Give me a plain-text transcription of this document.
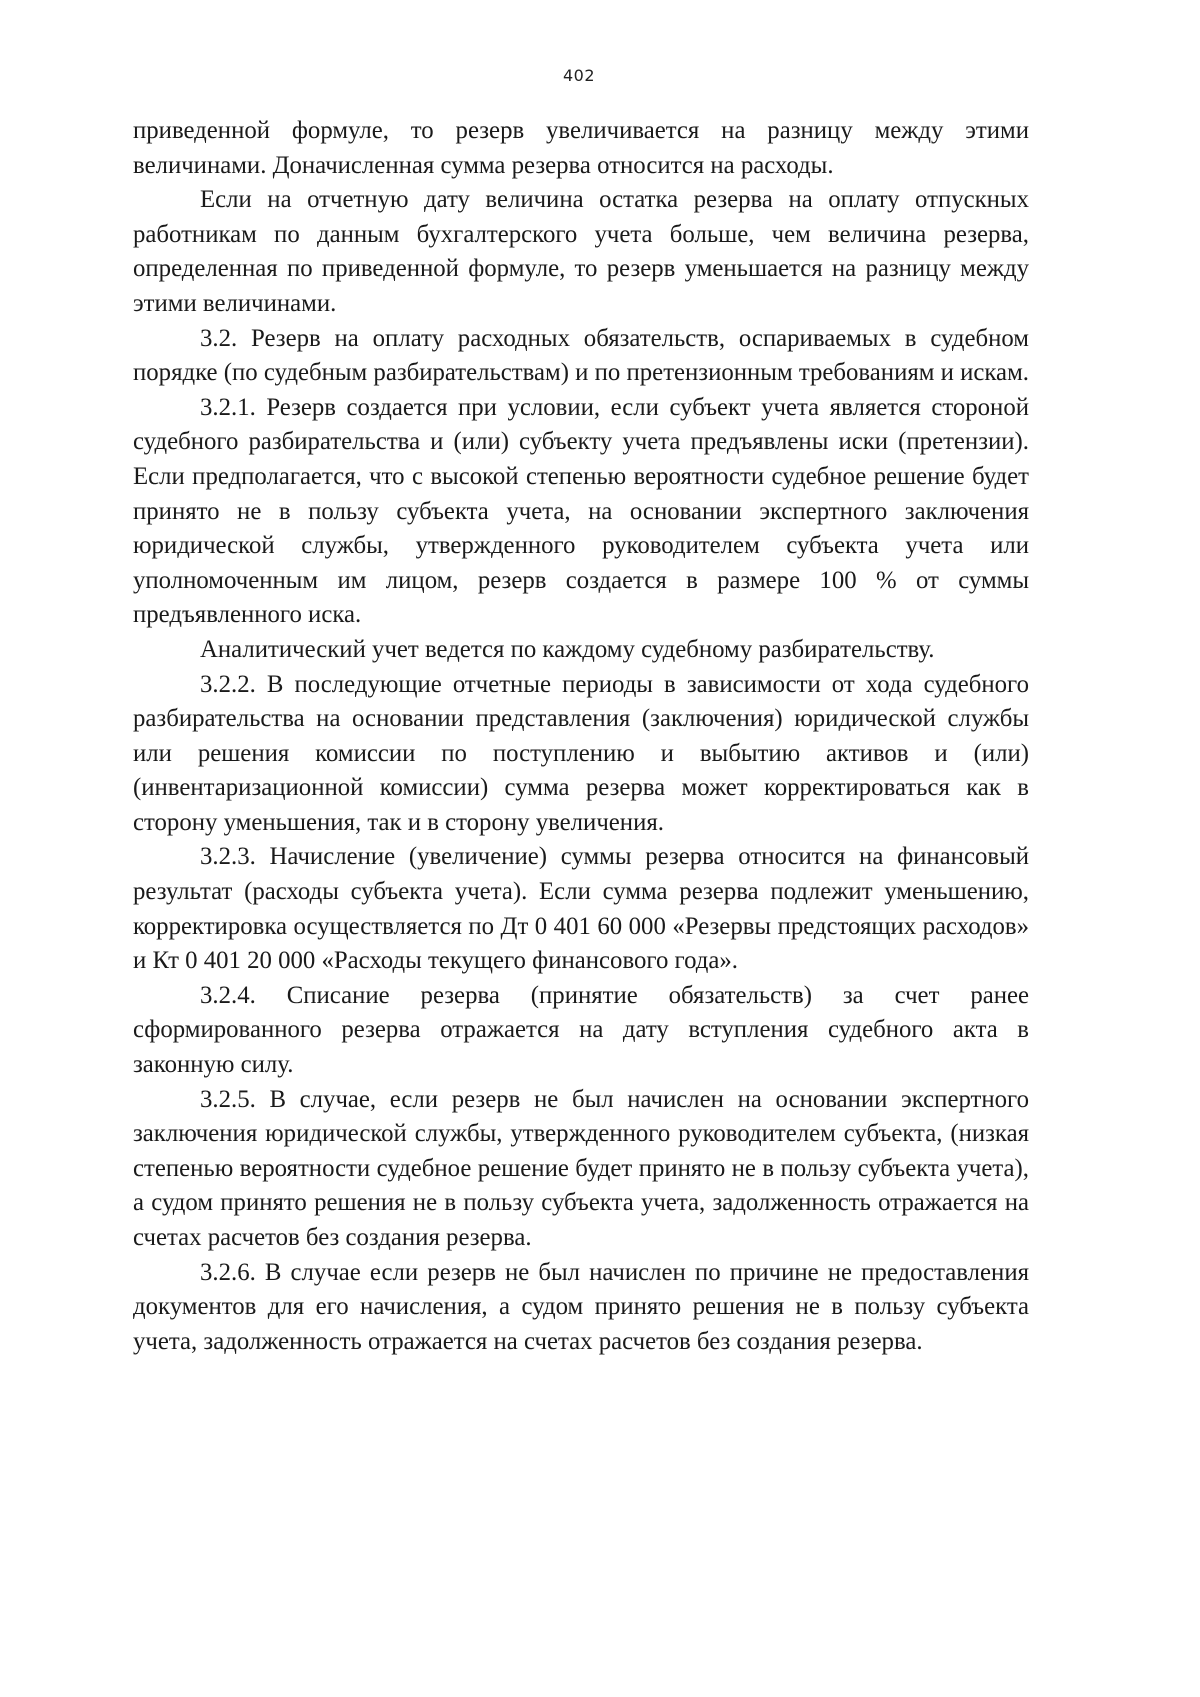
402

приведенной формуле, то резерв увеличивается на разницу между этими величинами. Доначисленная сумма резерва относится на расходы.

Если на отчетную дату величина остатка резерва на оплату отпускных работникам по данным бухгалтерского учета больше, чем величина резерва, определенная по приведенной формуле, то резерв уменьшается на разницу между этими величинами.

3.2. Резерв на оплату расходных обязательств, оспариваемых в судебном порядке (по судебным разбирательствам) и по претензионным требованиям и искам.

3.2.1. Резерв создается при условии, если субъект учета является стороной судебного разбирательства и (или) субъекту учета предъявлены иски (претензии). Если предполагается, что с высокой степенью вероятности судебное решение будет принято не в пользу субъекта учета, на основании экспертного заключения юридической службы, утвержденного руководителем субъекта учета или уполномоченным им лицом, резерв создается в размере 100 % от суммы предъявленного иска.

Аналитический учет ведется по каждому судебному разбирательству.

3.2.2. В последующие отчетные периоды в зависимости от хода судебного разбирательства на основании представления (заключения) юридической службы или решения комиссии по поступлению и выбытию активов и (или) (инвентаризационной комиссии) сумма резерва может корректироваться как в сторону уменьшения, так и в сторону увеличения.

3.2.3. Начисление (увеличение) суммы резерва относится на финансовый результат (расходы субъекта учета). Если сумма резерва подлежит уменьшению, корректировка осуществляется по Дт 0 401 60 000 «Резервы предстоящих расходов» и Кт 0 401 20 000 «Расходы текущего финансового года».

3.2.4. Списание резерва (принятие обязательств) за счет ранее сформированного резерва отражается на дату вступления судебного акта в законную силу.

3.2.5. В случае, если резерв не был начислен на основании экспертного заключения юридической службы, утвержденного руководителем субъекта, (низкая степенью вероятности судебное решение будет принято не в пользу субъекта учета), а судом принято решения не в пользу субъекта учета, задолженность отражается на счетах расчетов без создания резерва.

3.2.6. В случае если резерв не был начислен по причине не предоставления документов для его начисления, а судом принято решения не в пользу субъекта учета, задолженность отражается на счетах расчетов без создания резерва.
